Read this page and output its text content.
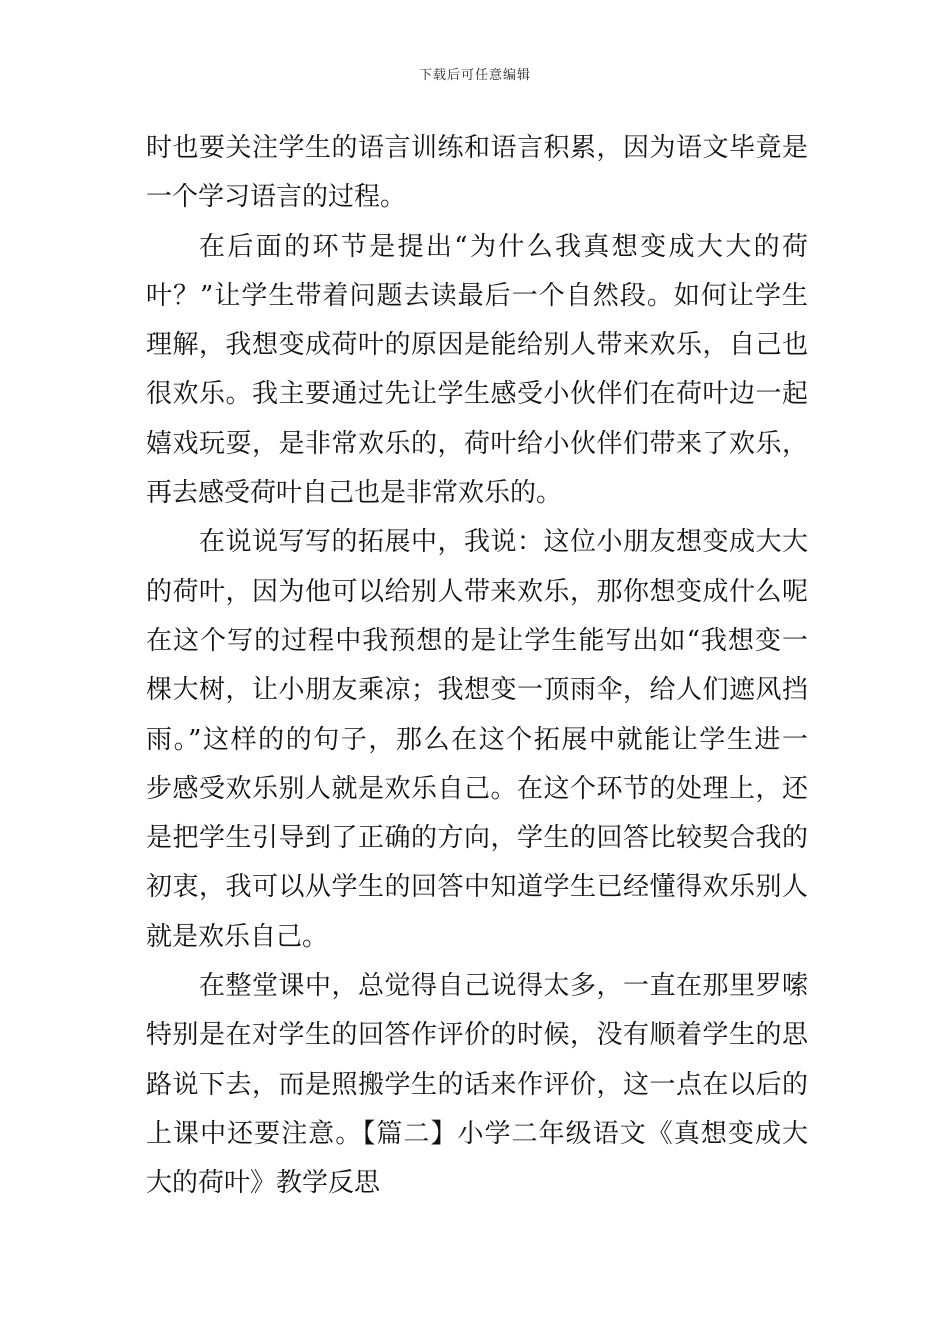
下载后可任意编辑
时也要关注学生的语言训练和语言积累，因为语文毕竟是
一个学习语言的过程。
在后面的环节是提出“为什么我真想变成大大的荷
叶？”让学生带着问题去读最后一个自然段。如何让学生
理解，我想变成荷叶的原因是能给别人带来欢乐，自己也
很欢乐。我主要通过先让学生感受小伙伴们在荷叶边一起
嬉戏玩耍，是非常欢乐的，荷叶给小伙伴们带来了欢乐，
再去感受荷叶自己也是非常欢乐的。
在说说写写的拓展中，我说：这位小朋友想变成大大
的荷叶，因为他可以给别人带来欢乐，那你想变成什么呢
在这个写的过程中我预想的是让学生能写出如“我想变一
棵大树，让小朋友乘凉；我想变一顶雨伞，给人们遮风挡
雨。”这样的的句子，那么在这个拓展中就能让学生进一
步感受欢乐别人就是欢乐自己。在这个环节的处理上，还
是把学生引导到了正确的方向，学生的回答比较契合我的
初衷，我可以从学生的回答中知道学生已经懂得欢乐别人
就是欢乐自己。
在整堂课中，总觉得自己说得太多，一直在那里罗嗦
特别是在对学生的回答作评价的时候，没有顺着学生的思
路说下去，而是照搬学生的话来作评价，这一点在以后的
上课中还要注意。【篇二】小学二年级语文《真想变成大
大的荷叶》教学反思
